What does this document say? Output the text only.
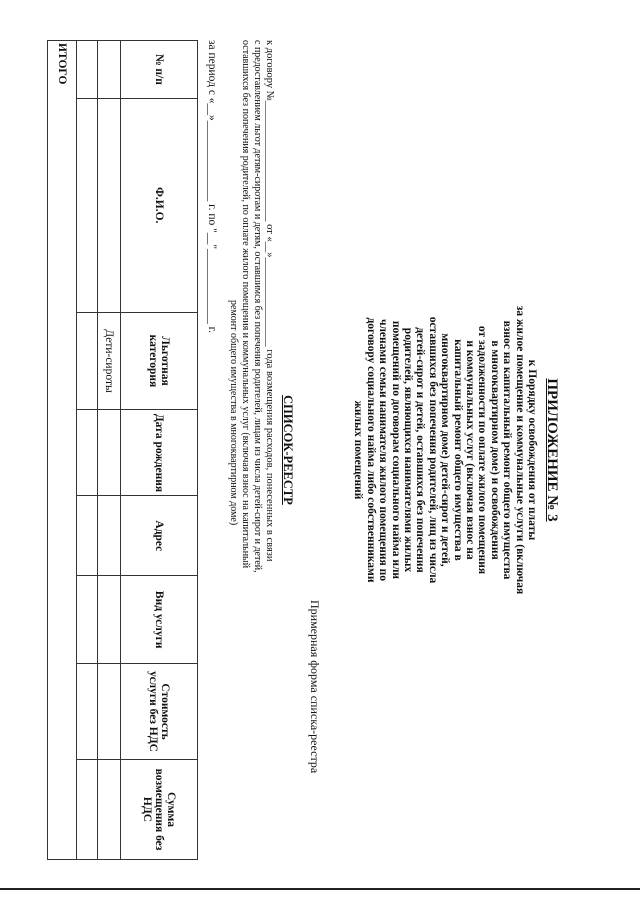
ПРИЛОЖЕНИЕ № 3
к Порядку освобождения от платы
за жилое помещение и коммунальные услуги (включая
взнос на капитальный ремонт общего имущества
в многоквартирном доме) и освобождения
от задолженности по оплате жилого помещения
и коммунальных услуг (включая взнос на
капитальный ремонт общего имущества в
многоквартирном доме) детей-сирот и детей,
оставшихся без попечения родителей, лиц из числа
детей-сирот и детей, оставшихся без попечения
родителей, являющихся нанимателями жилых
помещений по договорам социального найма или
членами семьи нанимателя жилого помещения по
договору социального найма либо собственниками
жилых помещений
Примерная форма списка-реестра
СПИСОК-РЕЕСТР
к договору №_______________________ от «__»_________________ года возмещения расходов, понесенных в связи
с предоставлением льгот детям-сиротам и детям, оставшимся без попечения родителей, лицам из числа детей-сирот и детей,
оставшихся без попечения родителей, по оплате жилого помещения и коммунальных услуг (включая взнос на капитальный
ремонт общего имущества в многоквартирном доме)
за период с «__»______________ г. по "__"_____________ г.
№ п/п	Ф.И.О.	Льготная категория	Дата рождения	Адрес	Вид услуги	Стоимость услуги без НДС	Сумма возмещения без НДС
		Дети-сироты					

ИТОГО							
